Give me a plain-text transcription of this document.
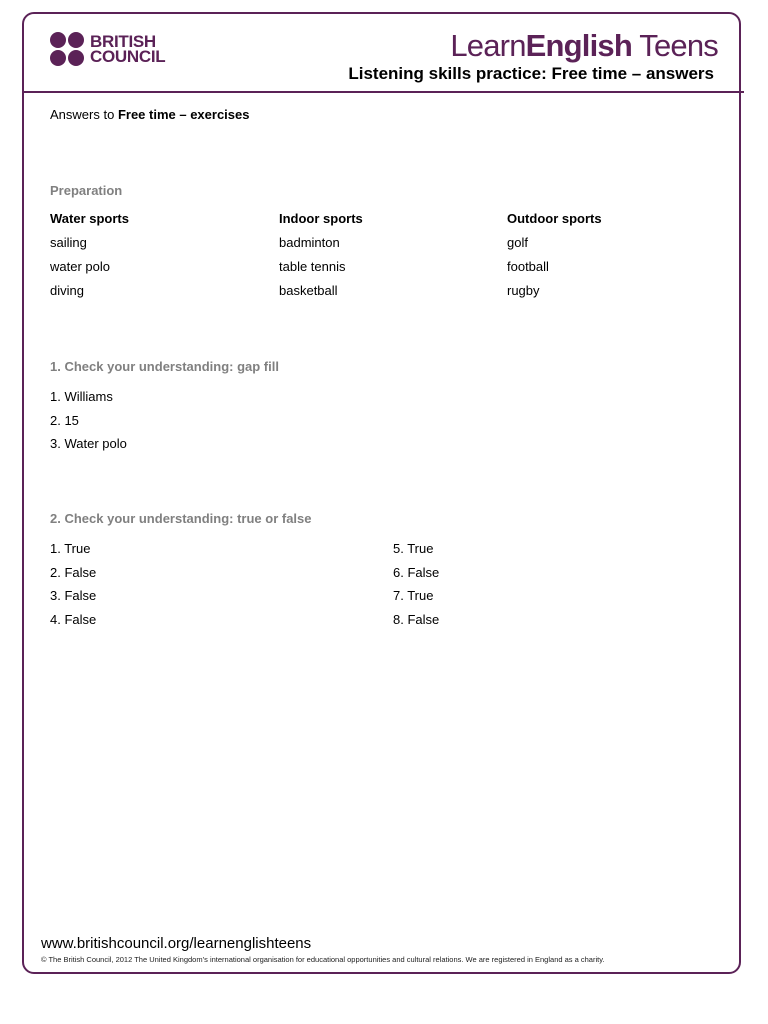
BRITISH
COUNCIL	LearnEnglish Teens
Listening skills practice: Free time – answers
Answers to Free time – exercises
Preparation
Water sports
sailing
water polo
diving
Indoor sports
badminton
table tennis
basketball
Outdoor sports
golf
football
rugby
1. Check your understanding: gap fill
1. Williams
2. 15
3. Water polo
2. Check your understanding: true or false
1. True
2. False
3. False
4. False
5. True
6. False
7. True
8. False
www.britishcouncil.org/learnenglishteens
© The British Council, 2012 The United Kingdom’s international organisation for educational opportunities and cultural relations. We are registered in England as a charity.
